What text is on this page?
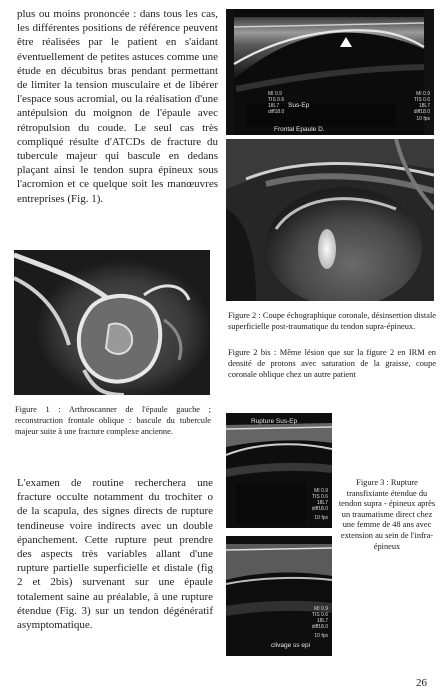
plus ou moins prononcée : dans tous les cas, les différentes positions de référence peuvent être réalisées par le patient en s'aidant éventuellement de petites astuces comme une étude en décubitus bras pendant permettant de limiter la tension musculaire et de libérer l'espace sous acromial, ou la réalisation d'une antépulsion du moignon de l'épaule avec rétropulsion du coude. Le seul cas très compliqué résulte d'ATCDs de fracture du tubercule majeur qui bascule en dedans plaçant ainsi le tendon supra épineux sous l'acromion et ce quelque soit les manœuvres entreprises (Fig. 1).
Sus-Ep
Frontal Epaule D.
MI 0.9
TIS 0.6
18L7
diff18.0
MI 0.9
TIS 0.6
18L7
diff18.0
10 fps
Figure 2 : Coupe échographique coronale, désinsertion distale superficielle post-traumatique du tendon supra-épineux.
Figure 2 bis : Même lésion que sur la figure 2 en IRM en densité de protons avec saturation de la graisse, coupe coronale oblique chez un autre patient
Figure 1 : Arthroscanner de l'épaule gauche ; reconstruction frontale oblique : bascule du tubercule majeur suite à une fracture complexe ancienne.
Rupture Sus-Ep
MI 0.9
TIS 0.6
18L7
diff18.0
10 fps
clivage ss epi
MI 0.9
TIS 0.6
18L7
diff18.0
10 fps
Figure 3 : Rupture transfixiante étendue du tendon supra - épineux après un traumatisme direct chez une femme de 48 ans avec extension au sein de l'infra-épineux
L'examen de routine recherchera une fracture occulte notamment du trochiter o de la scapula, des signes directs de rupture tendineuse voire indirects avec un double épanchement. Cette rupture peut prendre des aspects très variables allant d'une rupture partielle superficielle et distale (fig 2 et 2bis) survenant sur une épaule totalement saine au préalable, à une rupture étendue (Fig. 3) sur un tendon dégénératif asymptomatique.
26
